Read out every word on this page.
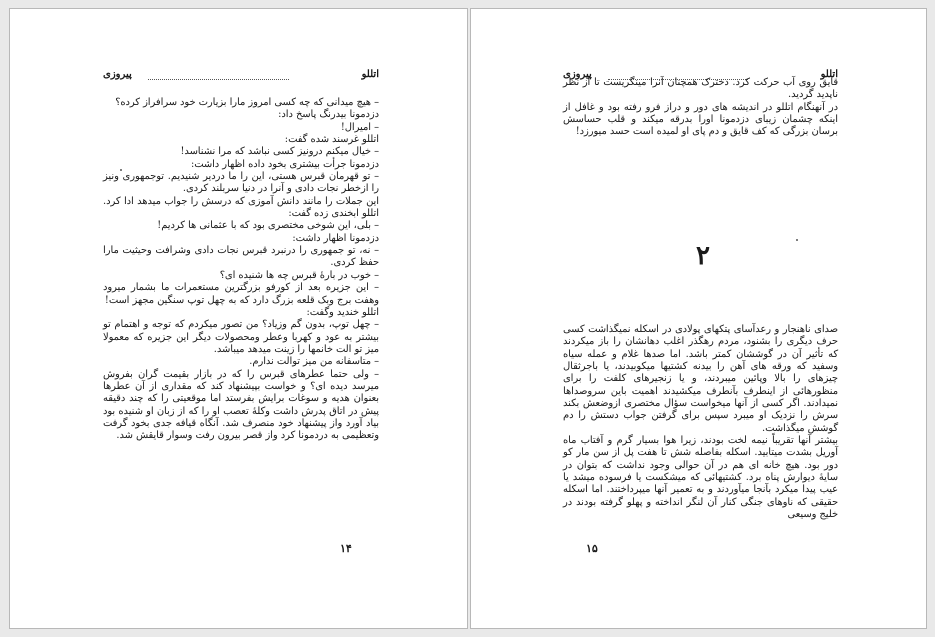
اتللو
پیروزی

– هیچ میدانی که چه کسی امروز مارا بزیارت خود سرافراز کرده؟

دزدمونا بیدرنگ پاسخ داد:

– امیرال!

اتللو غرسند شده گفت:

– خیال میکنم درونیز کسی نباشد که مرا نشناسد!

دزدمونا جرأت بیشتری بخود داده اظهار داشت:

– تو قهرمان قبرس هستی، این را ما دردیر شنیدیم. توجمهوری ونیز را ازخطر نجات دادی و آنرا در دنیا سربلند کردی.

این جملات را مانند دانش آموزی که درسش را جواب میدهد ادا کرد. اتللو ابخندی زده گفت:

– بلی، این شوخی مختصری بود که با عثمانی ها کردیم!

دزدمونا اظهار داشت:

– نه، تو جمهوری را درنبرد قبرس نجات دادی وشرافت وحیثیت مارا حفظ کردی.

– خوب در بارهٔ قبرس چه ها شنیده ای؟

– این جزیره بعد از کورفو بزرگترین مستعمرات ما بشمار میرود وهفت برج وبک قلعه بزرگ دارد که به چهل توپ سنگین مجهز است!

اتللو خندید وگفت:

– چهل توپ، بدون گم وزیاد؟ من تصور میکردم که توجه و اهتمام تو بیشتر به عود و کهربا وعطر ومحصولات دیگر این جزیره که معمولا میز تو الت خانمها را زینت میدهد میباشد.

– متاسفانه من میز توالت ندارم.

– ولی حتما عطرهای قبرس را که در بازار بقیمت گران بفروش میرسد دیده ای؟ و خواست بپیشنهاد کند که مقداری از آن عطرها بعنوان هدیه و سوغات برایش بفرستد اما موقعیتی را که چند دقیقه پیش در اتاق پدرش داشت وکلهٔ تعصب او را که از زبان او شنیده بود بیاد آورد واز پیشنهاد خود منصرف شد. آنگاه قیافه جدی بخود گرفت وتعظیمی به دردمونا کرد واز قصر بیرون رفت وسوار قایقش شد.

۱۴
اتللو
پیروزی

قایق روی آب حرکت کرد. دخترک همچنان آنرا مینگریست تا از نظر ناپدید گردید.

در آنهنگام اتللو در اندیشه های دور و دراز فرو رفته بود و غافل از اینکه چشمان زیبای دزدمونا اورا بدرقه میکند و قلب حساسش برسان بزرگی که کف قایق و دم پای او لمیده است حسد میورزد!

۲

صدای ناهنجار و رعدآسای پتکهای پولادی در اسکله نمیگذاشت کسی حرف دیگری را بشنود، مردم رهگذر اغلب دهانشان را باز میکردند که تأثیر آن در گوششان کمتر باشد. اما صدها غلام و عمله سیاه وسفید که ورقه های آهن را بیدنه کشتیها میکوبیدند، یا باجرثقال چیزهای را بالا وپائین میبردند، و یا زنجیرهای کلفت را برای منظورهائی از اینطرف بآنطرف میکشیدند اهمیت باین سروصداها نمیدادند. اگر کسی از آنها میخواست سؤال مختصری ازوضعش بکند سرش را نزدیک او میبرد سپس برای گرفتن جواب دستش را دم گوشش میگذاشت.

بیشتر آنها تقریباً نیمه لخت بودند، زیرا هوا بسیار گرم و آفتاب ماه آوریل بشدت میتابید. اسکله بفاصله شش تا هفت پل از سن مار کو دور بود. هیچ خانه ای هم در آن حوالی وجود نداشت که بتوان در سایهٔ دیوارش پناه برد. کشتیهائی که میشکست یا فرسوده میشد یا عیب پیدا میکرد بآنجا میآوردند و به تعمیر آنها میپرداختند. اما اسکله حقیقی که ناوهای جنگی کنار آن لنگر انداخته و پهلو گرفته بودند در خلیج وسیعی

۱۵
